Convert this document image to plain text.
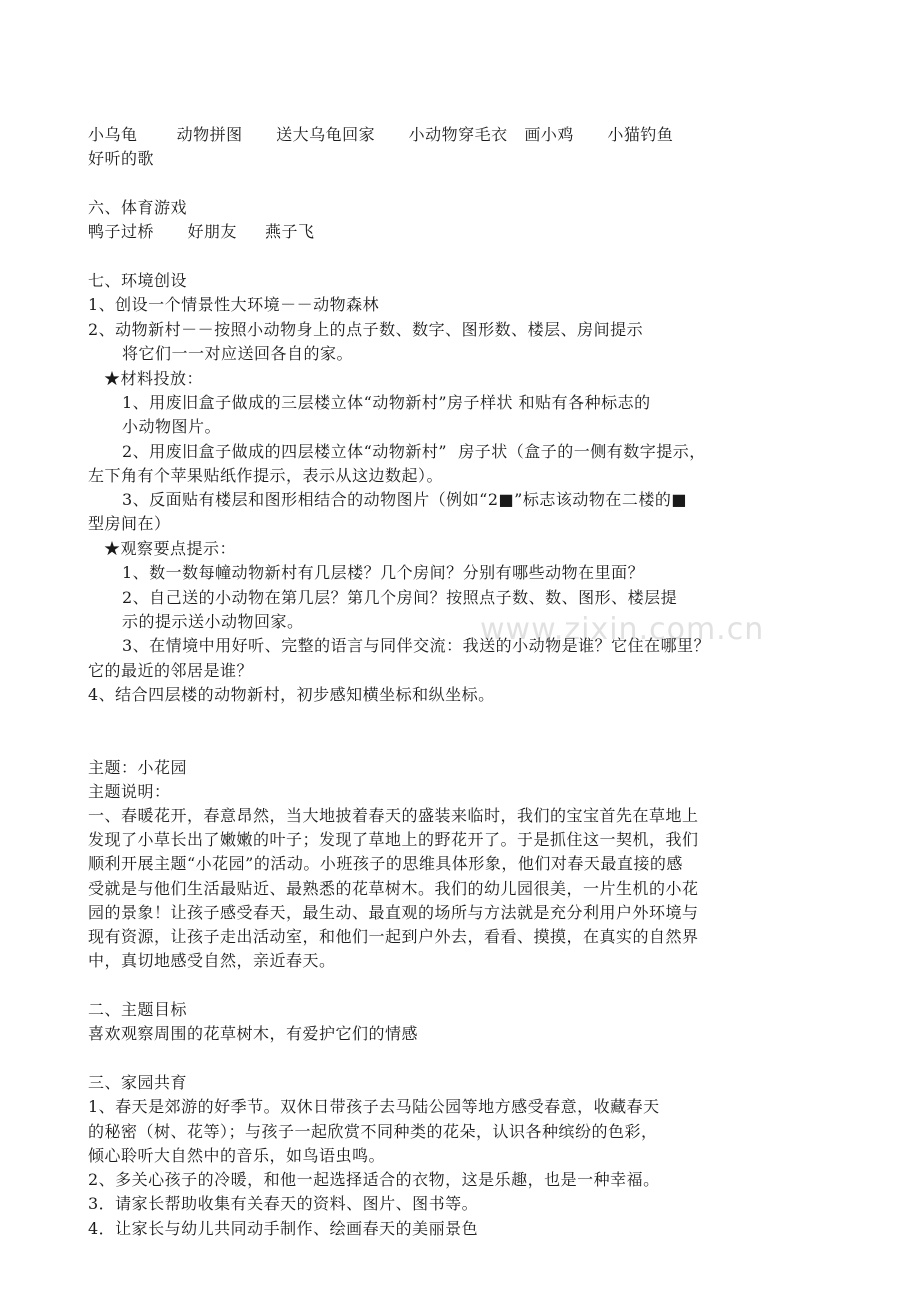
www.zixin.com.cn
小乌龟       动物拼图      送大乌龟回家      小动物穿毛衣   画小鸡      小猫钓鱼
好听的歌
六、体育游戏
鸭子过桥      好朋友     燕子飞
七、环境创设
1、创设一个情景性大环境－－动物森林
2、动物新村－－按照小动物身上的点子数、数字、图形数、楼层、房间提示
将它们一一对应送回各自的家。
★材料投放：
1、用废旧盒子做成的三层楼立体“动物新村”房子样状 和贴有各种标志的
小动物图片。
2、用废旧盒子做成的四层楼立体“动物新村”  房子状（盒子的一侧有数字提示，
左下角有个苹果贴纸作提示，表示从这边数起）。
3、反面贴有楼层和图形相结合的动物图片（例如“2■”标志该动物在二楼的■
型房间在）
★观察要点提示：
1、数一数每幢动物新村有几层楼？几个房间？分别有哪些动物在里面？
2、自己送的小动物在第几层？第几个房间？按照点子数、数、图形、楼层提
示的提示送小动物回家。
3、在情境中用好听、完整的语言与同伴交流：我送的小动物是谁？它住在哪里？
它的最近的邻居是谁？
4、结合四层楼的动物新村，初步感知横坐标和纵坐标。
主题：小花园
主题说明：
一、春暖花开，春意昂然，当大地披着春天的盛装来临时，我们的宝宝首先在草地上
发现了小草长出了嫩嫩的叶子；发现了草地上的野花开了。于是抓住这一契机，我们
顺利开展主题“小花园”的活动。小班孩子的思维具体形象，他们对春天最直接的感
受就是与他们生活最贴近、最熟悉的花草树木。我们的幼儿园很美，一片生机的小花
园的景象！让孩子感受春天，最生动、最直观的场所与方法就是充分利用户外环境与
现有资源，让孩子走出活动室，和他们一起到户外去，看看、摸摸，在真实的自然界
中，真切地感受自然，亲近春天。
二、主题目标
喜欢观察周围的花草树木，有爱护它们的情感
三、家园共育
1、春天是郊游的好季节。双休日带孩子去马陆公园等地方感受春意，收藏春天
的秘密（树、花等）；与孩子一起欣赏不同种类的花朵，认识各种缤纷的色彩，
倾心聆听大自然中的音乐，如鸟语虫鸣。
2、多关心孩子的冷暖，和他一起选择适合的衣物，这是乐趣，也是一种幸福。
3．请家长帮助收集有关春天的资料、图片、图书等。
4．让家长与幼儿共同动手制作、绘画春天的美丽景色
